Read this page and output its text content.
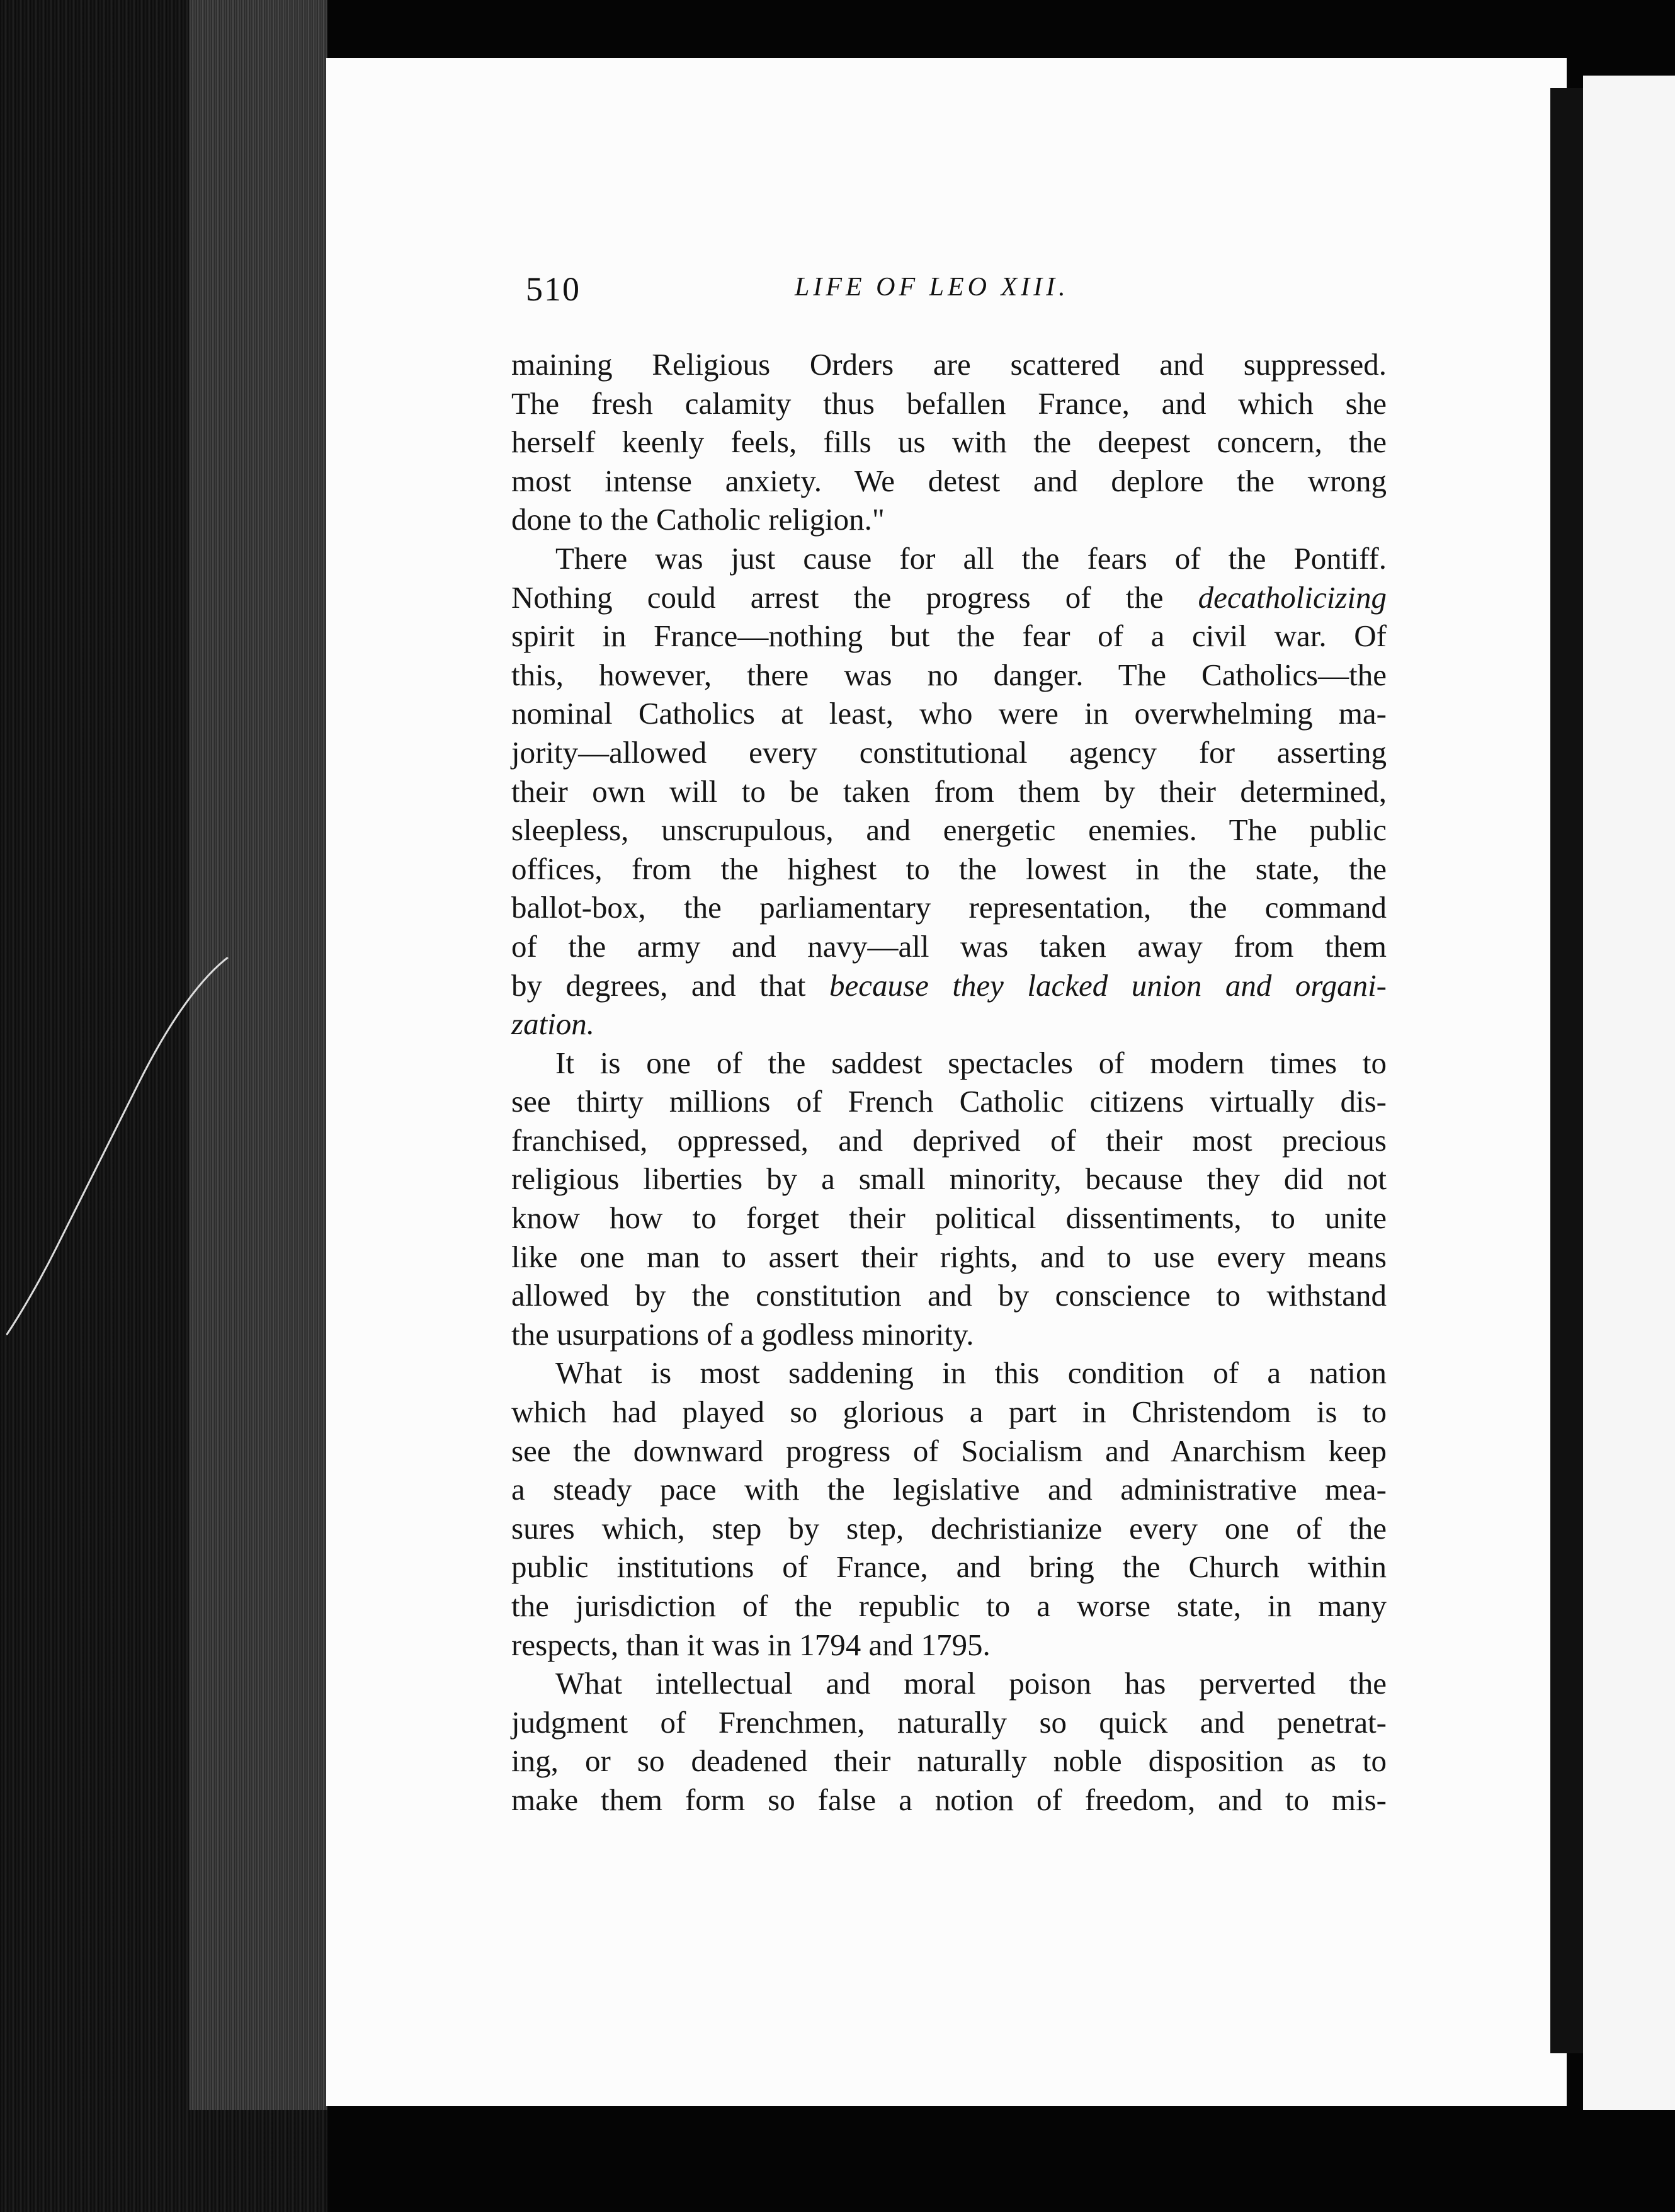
510	LIFE OF LEO XIII.
maining Religious Orders are scattered and suppressed.
The fresh calamity thus befallen France, and which she
herself keenly feels, fills us with the deepest concern, the
most intense anxiety. We detest and deplore the wrong
done to the Catholic religion."
There was just cause for all the fears of the Pontiff.
Nothing could arrest the progress of the decatholicizing
spirit in France—nothing but the fear of a civil war. Of
this, however, there was no danger. The Catholics—the
nominal Catholics at least, who were in overwhelming ma-
jority—allowed every constitutional agency for asserting
their own will to be taken from them by their determined,
sleepless, unscrupulous, and energetic enemies. The public
offices, from the highest to the lowest in the state, the
ballot-box, the parliamentary representation, the command
of the army and navy—all was taken away from them
by degrees, and that because they lacked union and organi-
zation.
It is one of the saddest spectacles of modern times to
see thirty millions of French Catholic citizens virtually dis-
franchised, oppressed, and deprived of their most precious
religious liberties by a small minority, because they did not
know how to forget their political dissentiments, to unite
like one man to assert their rights, and to use every means
allowed by the constitution and by conscience to withstand
the usurpations of a godless minority.
What is most saddening in this condition of a nation
which had played so glorious a part in Christendom is to
see the downward progress of Socialism and Anarchism keep
a steady pace with the legislative and administrative mea-
sures which, step by step, dechristianize every one of the
public institutions of France, and bring the Church within
the jurisdiction of the republic to a worse state, in many
respects, than it was in 1794 and 1795.
What intellectual and moral poison has perverted the
judgment of Frenchmen, naturally so quick and penetrat-
ing, or so deadened their naturally noble disposition as to
make them form so false a notion of freedom, and to mis-
